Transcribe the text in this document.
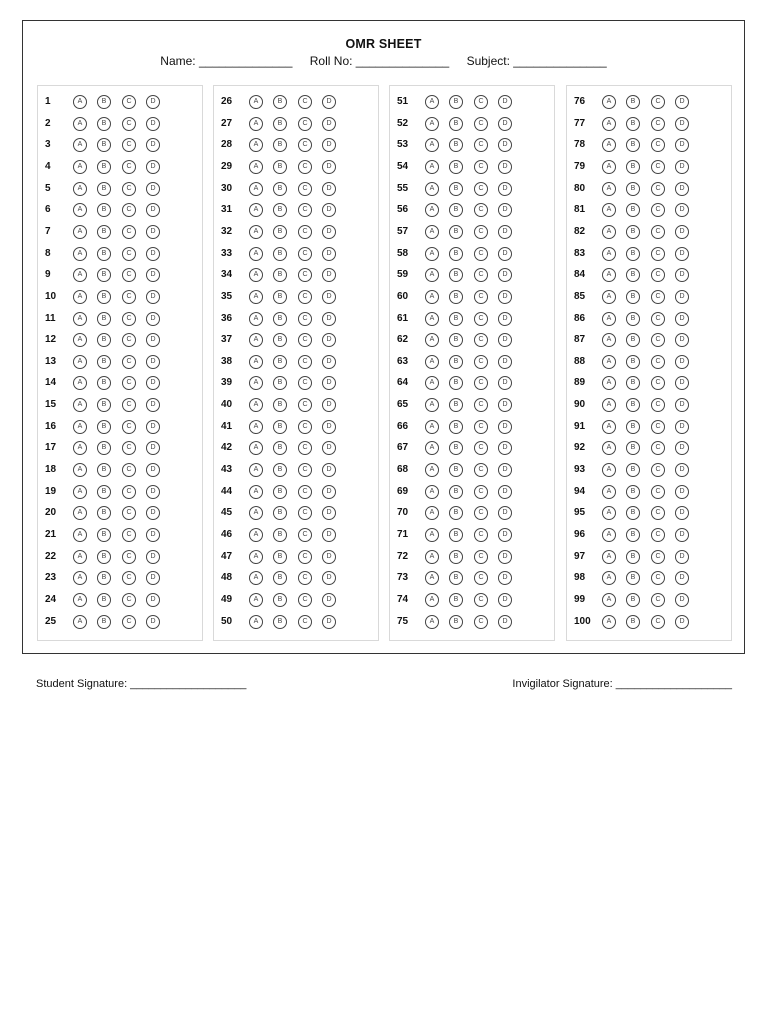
OMR SHEET
Name: ______________ Roll No: ______________ Subject: ______________
1	A	B	C	D
2	A	B	C	D
3	A	B	C	D
4	A	B	C	D
5	A	B	C	D
6	A	B	C	D
7	A	B	C	D
8	A	B	C	D
9	A	B	C	D
10	A	B	C	D
11	A	B	C	D
12	A	B	C	D
13	A	B	C	D
14	A	B	C	D
15	A	B	C	D
16	A	B	C	D
17	A	B	C	D
18	A	B	C	D
19	A	B	C	D
20	A	B	C	D
21	A	B	C	D
22	A	B	C	D
23	A	B	C	D
24	A	B	C	D
25	A	B	C	D
26	A	B	C	D
27	A	B	C	D
28	A	B	C	D
29	A	B	C	D
30	A	B	C	D
31	A	B	C	D
32	A	B	C	D
33	A	B	C	D
34	A	B	C	D
35	A	B	C	D
36	A	B	C	D
37	A	B	C	D
38	A	B	C	D
39	A	B	C	D
40	A	B	C	D
41	A	B	C	D
42	A	B	C	D
43	A	B	C	D
44	A	B	C	D
45	A	B	C	D
46	A	B	C	D
47	A	B	C	D
48	A	B	C	D
49	A	B	C	D
50	A	B	C	D
51	A	B	C	D
52	A	B	C	D
53	A	B	C	D
54	A	B	C	D
55	A	B	C	D
56	A	B	C	D
57	A	B	C	D
58	A	B	C	D
59	A	B	C	D
60	A	B	C	D
61	A	B	C	D
62	A	B	C	D
63	A	B	C	D
64	A	B	C	D
65	A	B	C	D
66	A	B	C	D
67	A	B	C	D
68	A	B	C	D
69	A	B	C	D
70	A	B	C	D
71	A	B	C	D
72	A	B	C	D
73	A	B	C	D
74	A	B	C	D
75	A	B	C	D
76	A	B	C	D
77	A	B	C	D
78	A	B	C	D
79	A	B	C	D
80	A	B	C	D
81	A	B	C	D
82	A	B	C	D
83	A	B	C	D
84	A	B	C	D
85	A	B	C	D
86	A	B	C	D
87	A	B	C	D
88	A	B	C	D
89	A	B	C	D
90	A	B	C	D
91	A	B	C	D
92	A	B	C	D
93	A	B	C	D
94	A	B	C	D
95	A	B	C	D
96	A	B	C	D
97	A	B	C	D
98	A	B	C	D
99	A	B	C	D
100	A	B	C	D
Student Signature: ___________________	Invigilator Signature: ___________________
